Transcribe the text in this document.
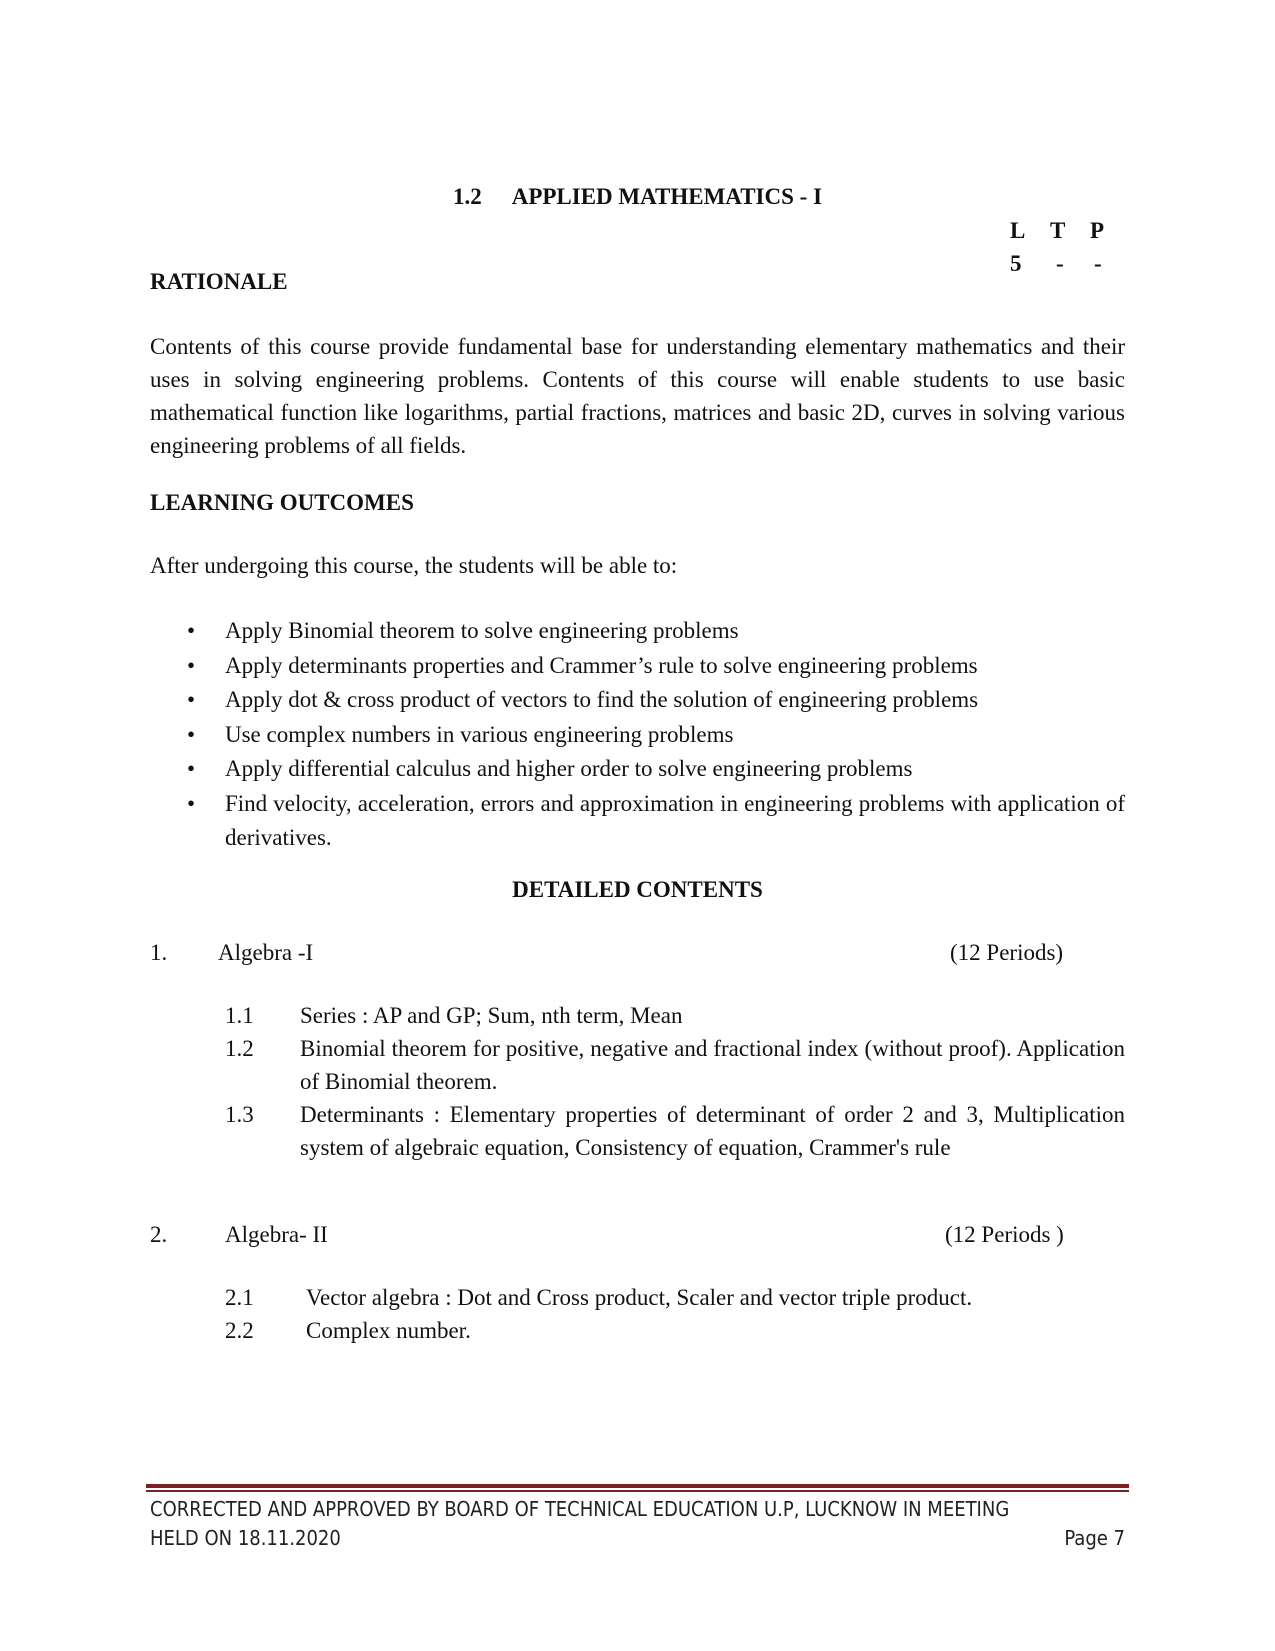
1.2 APPLIED MATHEMATICS - I
L	T	P
5	-	-
RATIONALE
Contents of this course provide fundamental base for understanding elementary mathematics and their uses in solving engineering problems. Contents of this course will enable students to use basic mathematical function like logarithms, partial fractions, matrices and basic 2D, curves in solving various engineering problems of all fields.
LEARNING OUTCOMES
After undergoing this course, the students will be able to:
• Apply Binomial theorem to solve engineering problems
• Apply determinants properties and Crammer’s rule to solve engineering problems
• Apply dot & cross product of vectors to find the solution of engineering problems
• Use complex numbers in various engineering problems
• Apply differential calculus and higher order to solve engineering problems
• Find velocity, acceleration, errors and approximation in engineering problems with application of derivatives.
DETAILED CONTENTS
1. Algebra -I	(12 Periods)
1.1 Series : AP and GP; Sum, nth term, Mean
1.2 Binomial theorem for positive, negative and fractional index (without proof). Application of Binomial theorem.
1.3 Determinants : Elementary properties of determinant of order 2 and 3, Multiplication system of algebraic equation, Consistency of equation, Crammer's rule
2.	Algebra- II	(12 Periods )
2.1 Vector algebra : Dot and Cross product, Scaler and vector triple product.
2.2 Complex number.
CORRECTED AND APPROVED BY BOARD OF TECHNICAL EDUCATION U.P, LUCKNOW IN MEETING
HELD ON 18.11.2020	Page 7
